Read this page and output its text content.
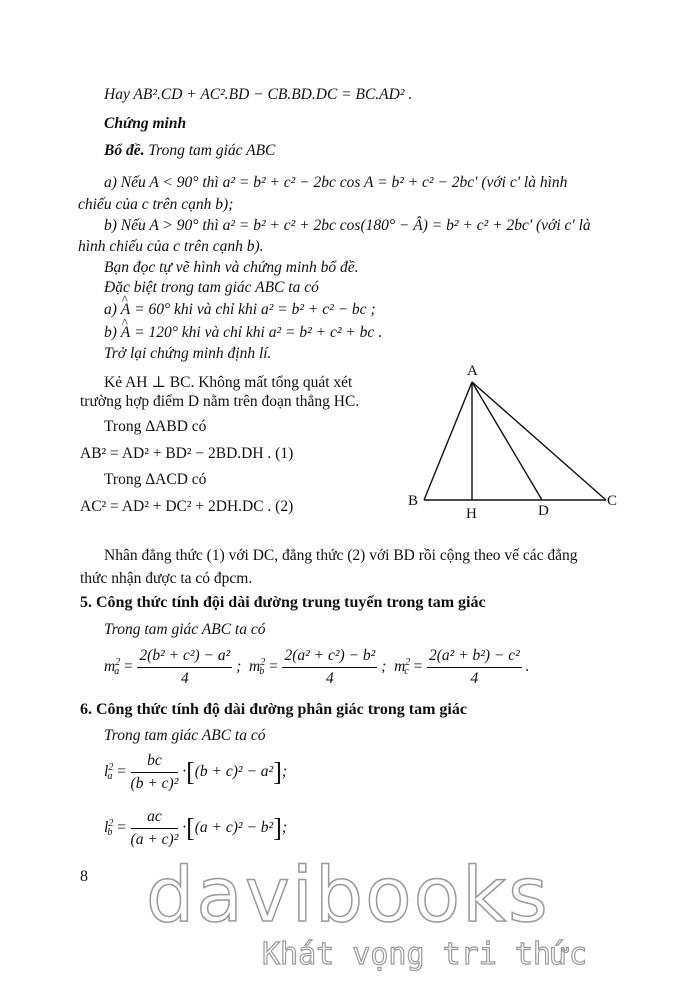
Hay AB².CD + AC².BD − CB.BD.DC = BC.AD² .
Chứng minh
Bổ đề. Trong tam giác ABC
a) Nếu A < 90° thì a² = b² + c² − 2bc cos A = b² + c² − 2bc' (với c' là hình
chiếu của c trên cạnh b);
b) Nếu A > 90° thì a² = b² + c² + 2bc cos(180° − Â) = b² + c² + 2bc' (với c' là
hình chiếu của c trên cạnh b).
Bạn đọc tự vẽ hình và chứng minh bổ đề.
Đặc biệt trong tam giác ABC ta có
a) ^ A = 60° khi và chỉ khi a² = b² + c² − bc ;
b) ^ A = 120° khi và chỉ khi a² = b² + c² + bc .
Trở lại chứng minh định lí.
Kẻ AH ⊥ BC. Không mất tổng quát xét
trường hợp điểm D nằm trên đoạn thẳng HC.
Trong ΔABD có
AB² = AD² + BD² − 2BD.DH . (1)
Trong ΔACD có
AC² = AD² + DC² + 2DH.DC . (2)
A
B
H	D
C
Nhân đẳng thức (1) với DC, đẳng thức (2) với BD rồi cộng theo vế các đẳng
thức nhận được ta có đpcm.
5. Công thức tính đội dài đường trung tuyến trong tam giác
Trong tam giác ABC ta có
$m^2_a = \frac{\text{2(b² + c²) − a²}}{4}$ ;  $m^2_b = \frac{\text{2(a² + c²) − b²}}{4}$ ;  $m^2_c = \frac{\text{2(a² + b²) − c²}}{4}$ .
6. Công thức tính độ dài đường phân giác trong tam giác
Trong tam giác ABC ta có
$l^2_a = \frac{bc}{\text{(b + c)²}} \cdot[(b + c)^2 - a^2]$;
$l^2_b = \frac{ac}{\text{(a + c)²}} \cdot[(a + c)^2 - b^2]$;
8 davibooks
Khát vọng tri thức
